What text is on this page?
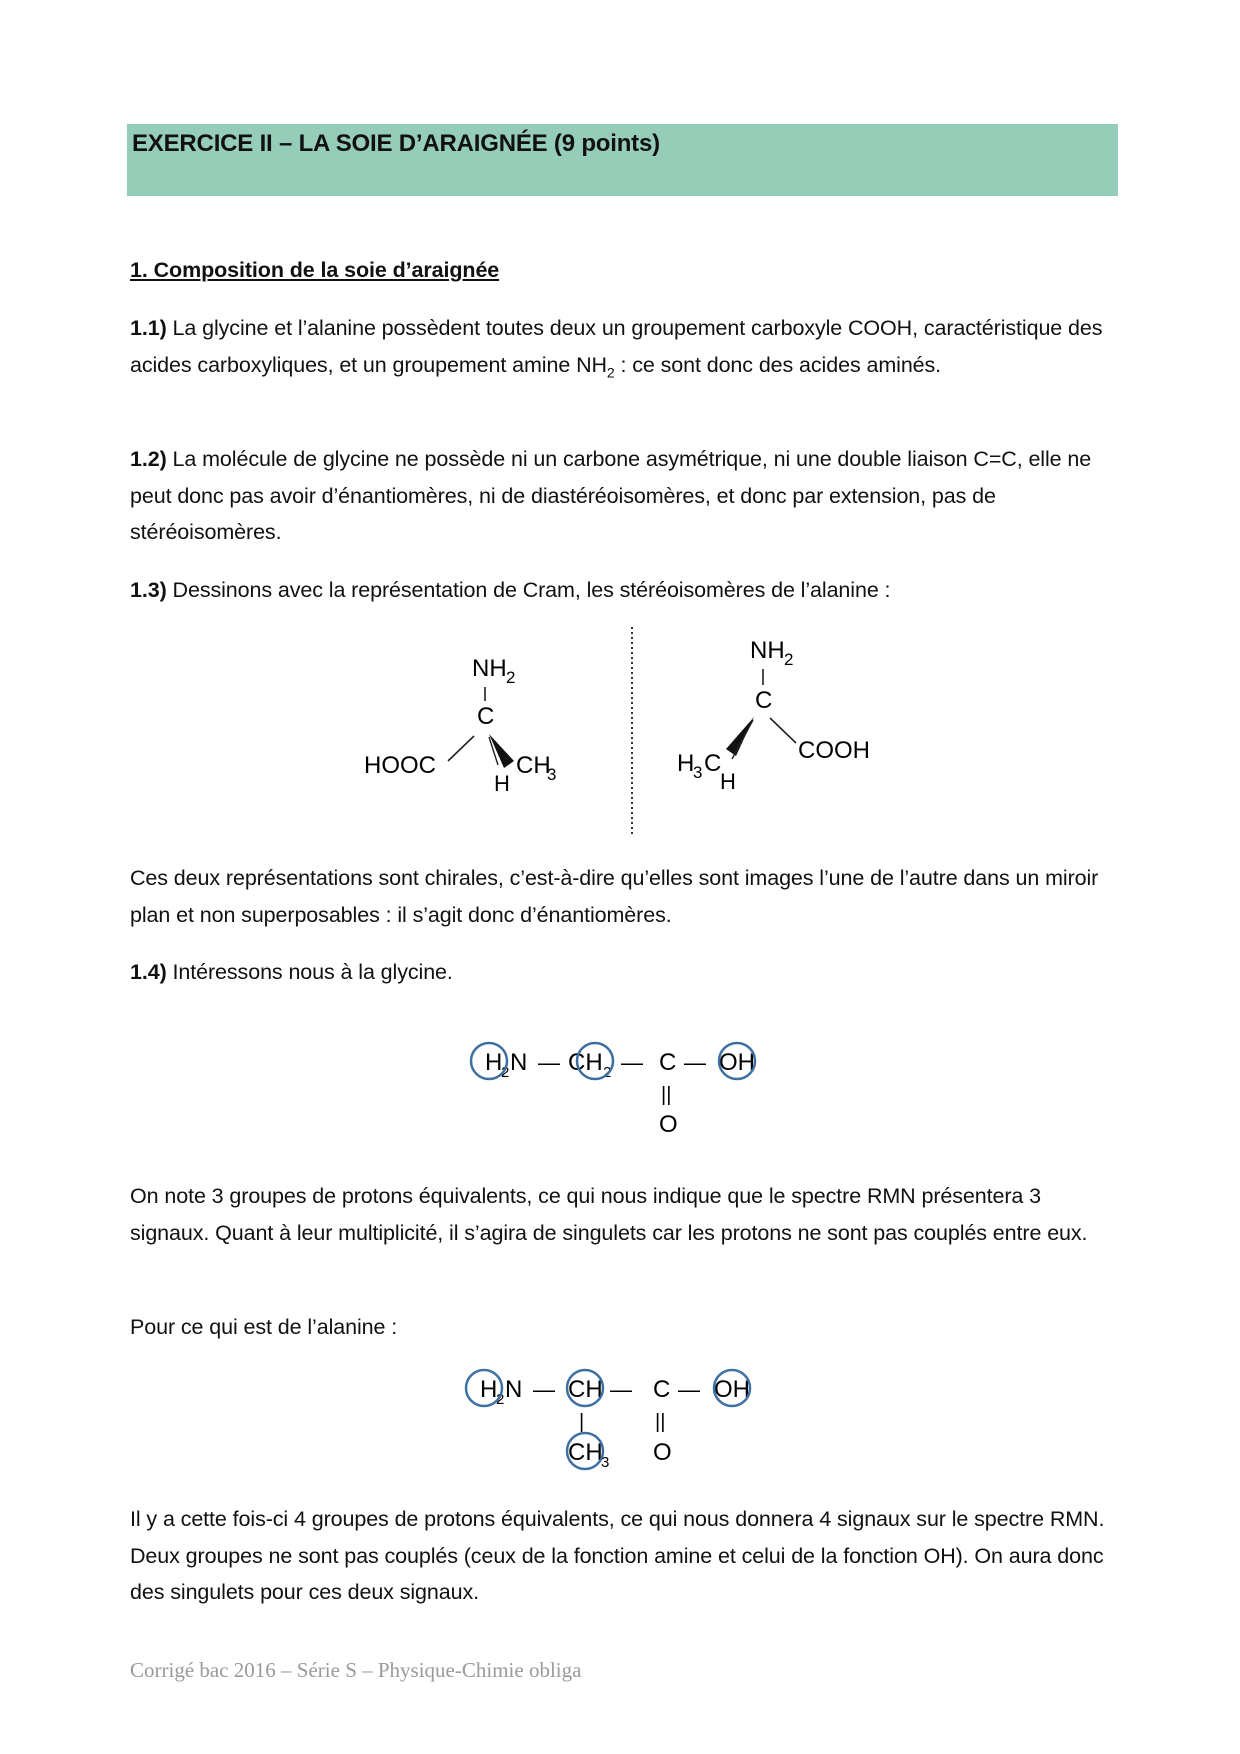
EXERCICE II – LA SOIE D’ARAIGNÉE (9 points)

1. Composition de la soie d’araignée

1.1) La glycine et l’alanine possèdent toutes deux un groupement carboxyle COOH, caractéristique des acides carboxyliques, et un groupement amine $NH_2$ : ce sont donc des acides aminés.

1.2) La molécule de glycine ne possède ni un carbone asymétrique, ni une double liaison C=C, elle ne peut donc pas avoir d’énantiomères, ni de diastéréoisomères, et donc par extension, pas de stéréoisomères.

1.3) Dessinons avec la représentation de Cram, les stéréoisomères de l’alanine :

NH 2
C
HOOC	CH
3
H
NH 2
C
H
3 C
H
COOH

Ces deux représentations sont chirales, c’est-à-dire qu’elles sont images l’une de l’autre dans un miroir plan et non superposables : il s’agit donc d’énantiomères.

1.4) Intéressons nous à la glycine.

H
2 N — CH 2 — C — OH
||
O

On note 3 groupes de protons équivalents, ce qui nous indique que le spectre RMN présentera 3 signaux. Quant à leur multiplicité, il s’agira de singulets car les protons ne sont pas couplés entre eux.

Pour ce qui est de l’alanine :

H
2 N — CH — C — OH
|	||
CH
3 O

Il y a cette fois-ci 4 groupes de protons équivalents, ce qui nous donnera 4 signaux sur le spectre RMN. Deux groupes ne sont pas couplés (ceux de la fonction amine et celui de la fonction OH). On aura donc des singulets pour ces deux signaux.

Corrigé bac 2016 – Série S – Physique-Chimie obliga
